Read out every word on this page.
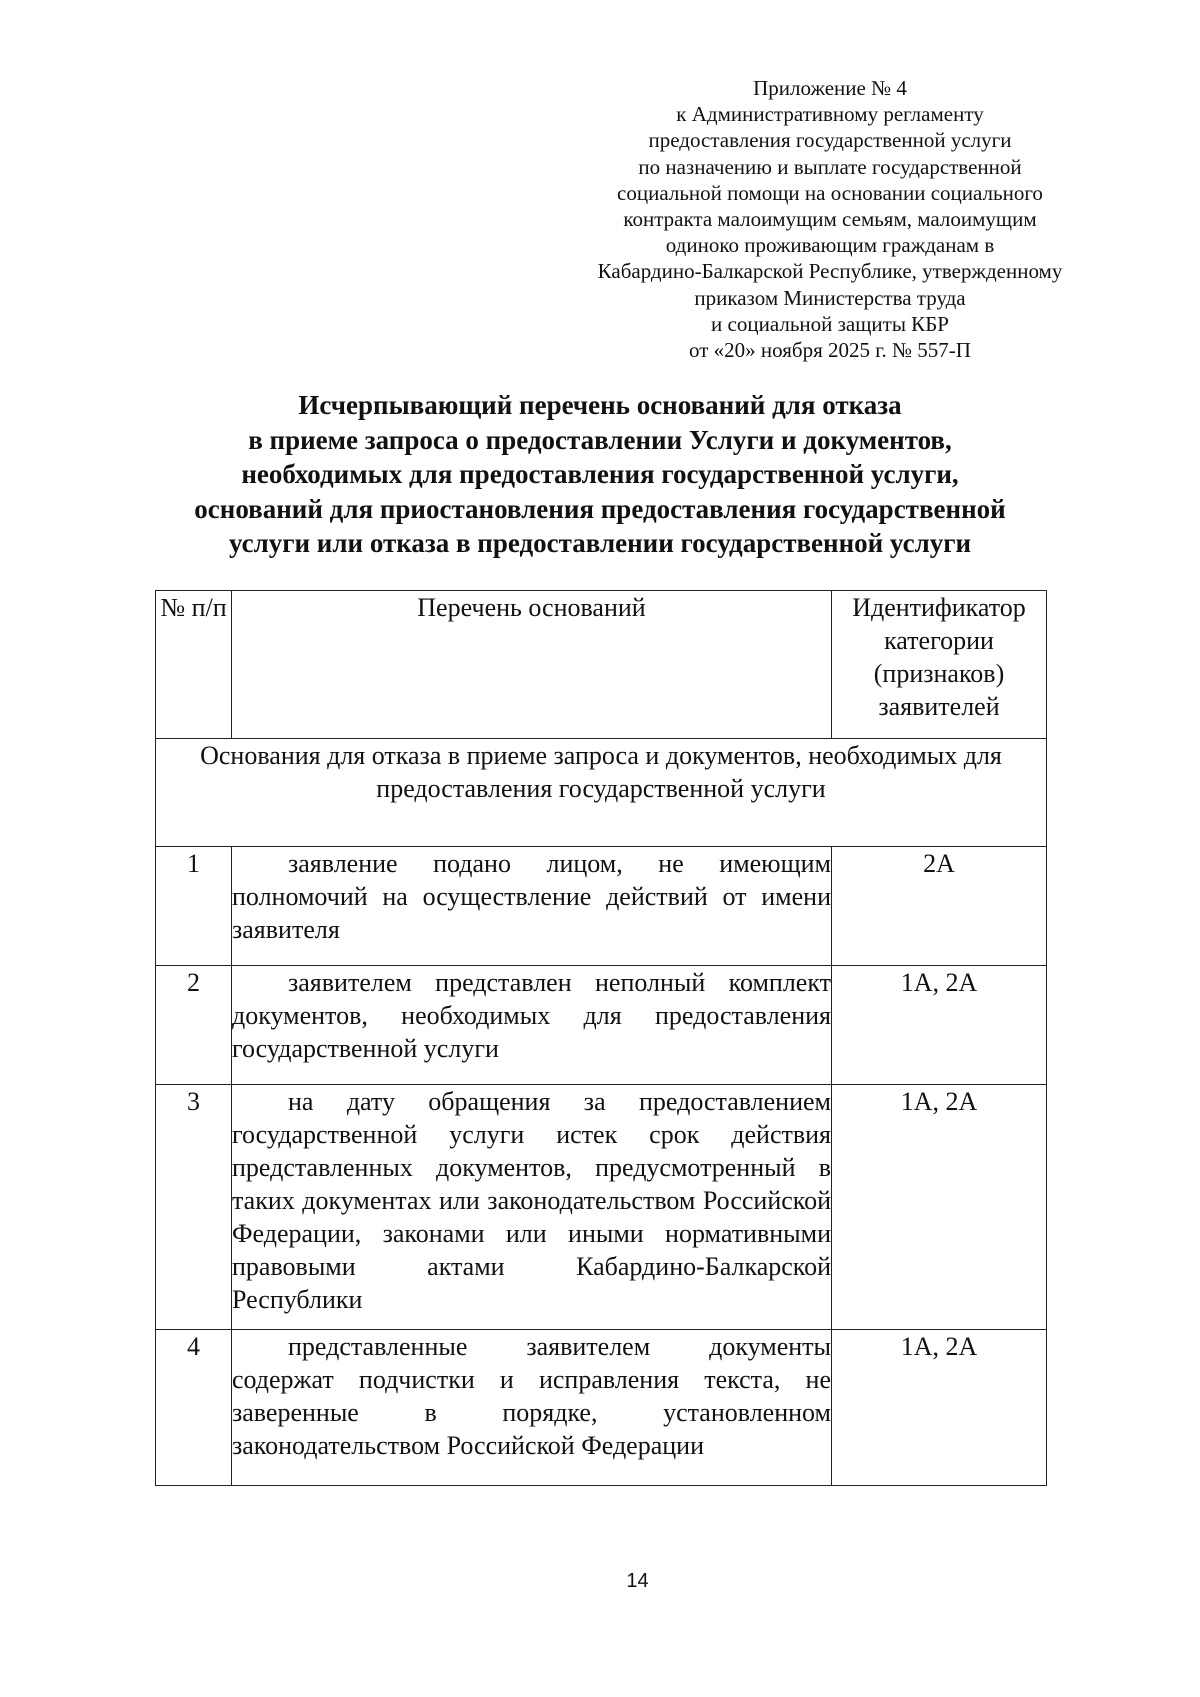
Приложение № 4
к Административному регламенту
предоставления государственной услуги
по назначению и выплате государственной
социальной помощи на основании социального
контракта малоимущим семьям, малоимущим
одиноко проживающим гражданам в
Кабардино-Балкарской Республике, утвержденному
приказом Министерства труда
и социальной защиты КБР
от «20» ноября 2025 г. № 557-П
Исчерпывающий перечень оснований для отказа
в приеме запроса о предоставлении Услуги и документов,
необходимых для предоставления государственной услуги,
оснований для приостановления предоставления государственной
услуги или отказа в предоставлении государственной услуги
№ п/п	Перечень оснований	Идентификатор категории (признаков) заявителей
Основания для отказа в приеме запроса и документов, необходимых для предоставления государственной услуги		
1	заявление подано лицом, не имеющим полномочий на осуществление действий от имени заявителя	2А
2	заявителем представлен неполный комплект документов, необходимых для предоставления государственной услуги	1А, 2А
3	на дату обращения за предоставлением государственной услуги истек срок действия представленных документов, предусмотренный в таких документах или законодательством Российской Федерации, законами или иными нормативными правовыми актами Кабардино-Балкарской Республики	1А, 2А
4	представленные заявителем документы содержат подчистки и исправления текста, не заверенные в порядке, установленном законодательством Российской Федерации	1А, 2А
14
